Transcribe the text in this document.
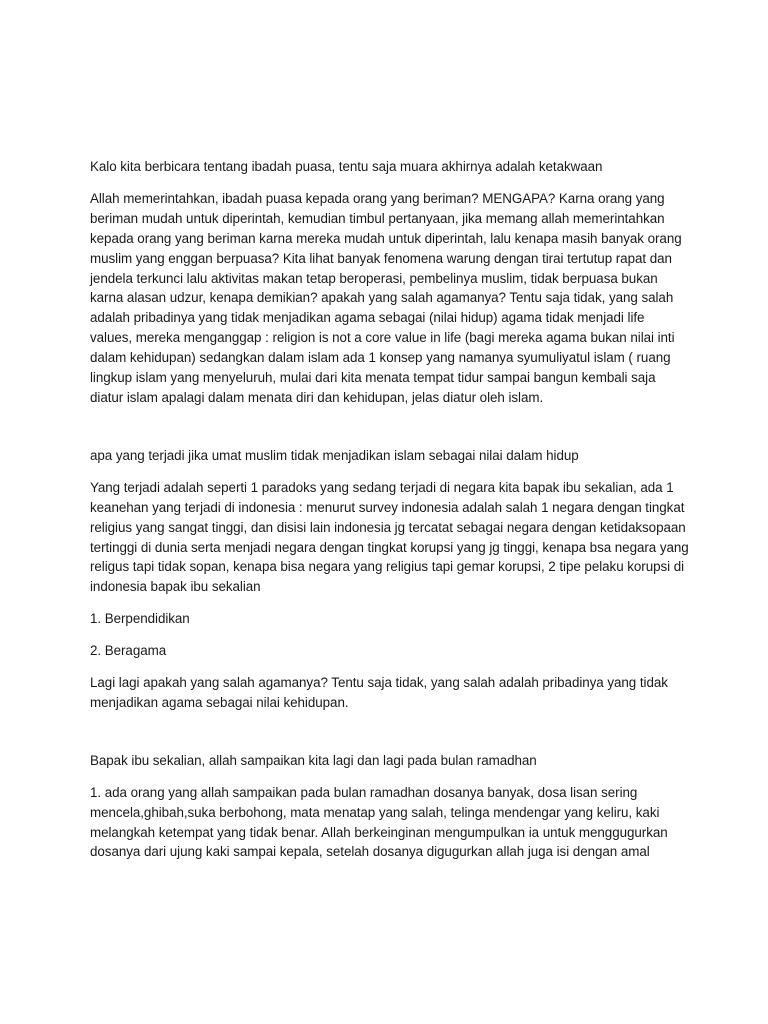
Kalo kita berbicara tentang ibadah puasa, tentu saja muara akhirnya adalah ketakwaan

Allah memerintahkan, ibadah puasa kepada orang yang beriman? MENGAPA? Karna orang yang beriman mudah untuk diperintah, kemudian timbul pertanyaan, jika memang allah memerintahkan kepada orang yang beriman karna mereka mudah untuk diperintah, lalu kenapa masih banyak orang muslim yang enggan berpuasa? Kita lihat banyak fenomena warung dengan tirai tertutup rapat dan jendela terkunci lalu aktivitas makan tetap beroperasi, pembelinya muslim, tidak berpuasa bukan karna alasan udzur, kenapa demikian? apakah yang salah agamanya? Tentu saja tidak, yang salah adalah pribadinya yang tidak menjadikan agama sebagai (nilai hidup) agama tidak menjadi life values, mereka menganggap : religion is not a core value in life (bagi mereka agama bukan nilai inti dalam kehidupan) sedangkan dalam islam ada 1 konsep yang namanya syumuliyatul islam ( ruang lingkup islam yang menyeluruh, mulai dari kita menata tempat tidur sampai bangun kembali saja diatur islam apalagi dalam menata diri dan kehidupan, jelas diatur oleh islam.

apa yang terjadi jika umat muslim tidak menjadikan islam sebagai nilai dalam hidup

Yang terjadi adalah seperti 1 paradoks yang sedang terjadi di negara kita bapak ibu sekalian, ada 1 keanehan yang terjadi di indonesia : menurut survey indonesia adalah salah 1 negara dengan tingkat religius yang sangat tinggi, dan disisi lain indonesia jg tercatat sebagai negara dengan ketidaksopaan tertinggi di dunia serta menjadi negara dengan tingkat korupsi yang jg tinggi, kenapa bsa negara yang religus tapi tidak sopan, kenapa bisa negara yang religius tapi gemar korupsi, 2 tipe pelaku korupsi di indonesia bapak ibu sekalian

1. Berpendidikan

2. Beragama

Lagi lagi apakah yang salah agamanya? Tentu saja tidak, yang salah adalah pribadinya yang tidak menjadikan agama sebagai nilai kehidupan.

Bapak ibu sekalian, allah sampaikan kita lagi dan lagi pada bulan ramadhan

1. ada orang yang allah sampaikan pada bulan ramadhan dosanya banyak, dosa lisan sering mencela,ghibah,suka berbohong, mata menatap yang salah, telinga mendengar yang keliru, kaki melangkah ketempat yang tidak benar. Allah berkeinginan mengumpulkan ia untuk menggugurkan dosanya dari ujung kaki sampai kepala, setelah dosanya digugurkan allah juga isi dengan amal
